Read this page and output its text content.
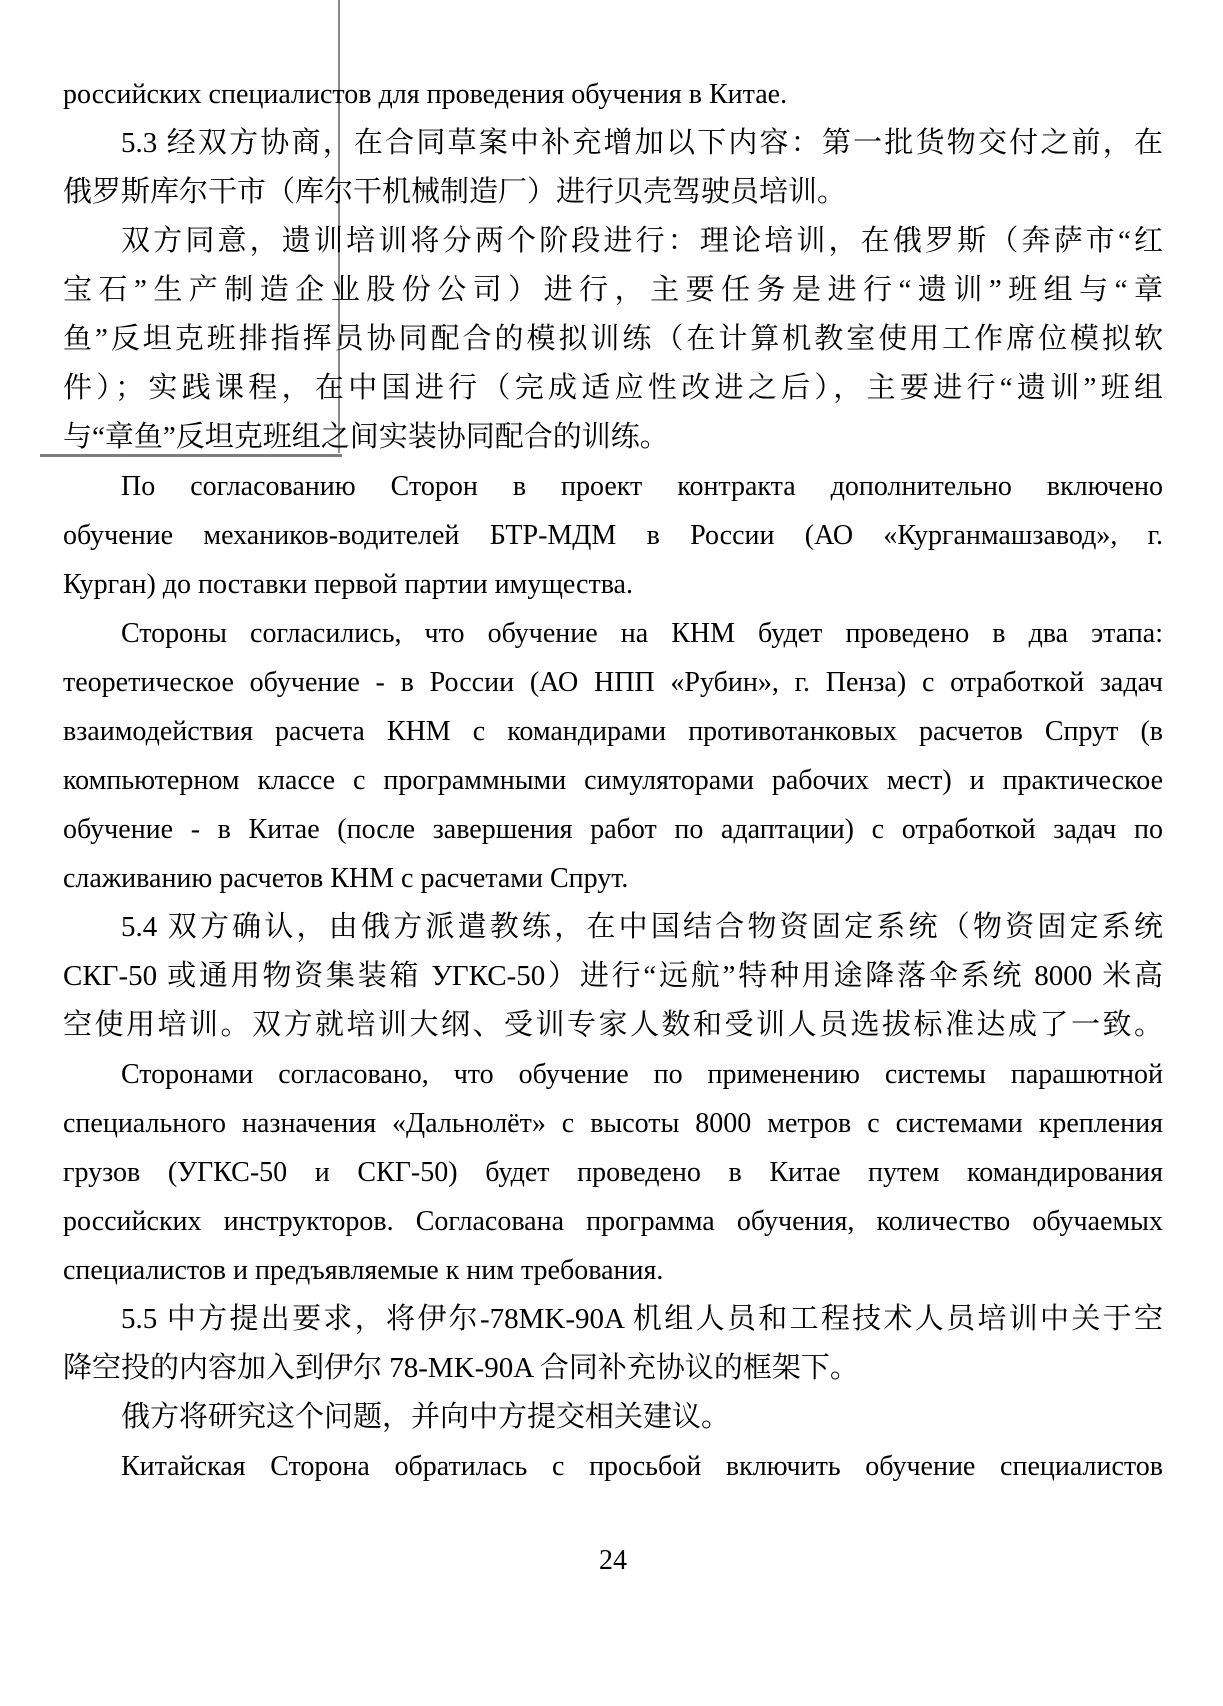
российских специалистов для проведения обучения в Китае.
5.3 经双方协商，在合同草案中补充增加以下内容：第一批货物交付之前，在
俄罗斯库尔干市（库尔干机械制造厂）进行贝壳驾驶员培训。
双方同意，遗训培训将分两个阶段进行：理论培训，在俄罗斯（奔萨市“红
宝石”生产制造企业股份公司）进行，主要任务是进行“遗训”班组与“章
鱼”反坦克班排指挥员协同配合的模拟训练（在计算机教室使用工作席位模拟软
件）；实践课程，在中国进行（完成适应性改进之后），主要进行“遗训”班组
与“章鱼”反坦克班组之间实装协同配合的训练。
По согласованию Сторон в проект контракта дополнительно включено
обучение механиков-водителей БТР-МДМ в России (АО «Курганмашзавод», г.
Курган) до поставки первой партии имущества.
Стороны согласились, что обучение на КНМ будет проведено в два этапа:
теоретическое обучение - в России (АО НПП «Рубин», г. Пенза) с отработкой задач
взаимодействия расчета КНМ с командирами противотанковых расчетов Спрут (в
компьютерном классе с программными симуляторами рабочих мест) и практическое
обучение - в Китае (после завершения работ по адаптации) с отработкой задач по
слаживанию расчетов КНМ с расчетами Спрут.
5.4 双方确认，由俄方派遣教练，在中国结合物资固定系统（物资固定系统
СКГ-50 或通用物资集装箱 УГКС-50）进行“远航”特种用途降落伞系统 8000 米高
空使用培训。双方就培训大纲、受训专家人数和受训人员选拔标准达成了一致。
Сторонами согласовано, что обучение по применению системы парашютной
специального назначения «Дальнолёт» с высоты 8000 метров с системами крепления
грузов (УГКС-50 и СКГ-50) будет проведено в Китае путем командирования
российских инструкторов. Согласована программа обучения, количество обучаемых
специалистов и предъявляемые к ним требования.
5.5 中方提出要求，将伊尔-78MK-90A 机组人员和工程技术人员培训中关于空
降空投的内容加入到伊尔 78-MK-90A 合同补充协议的框架下。
俄方将研究这个问题，并向中方提交相关建议。
Китайская Сторона обратилась с просьбой включить обучение специалистов
24
